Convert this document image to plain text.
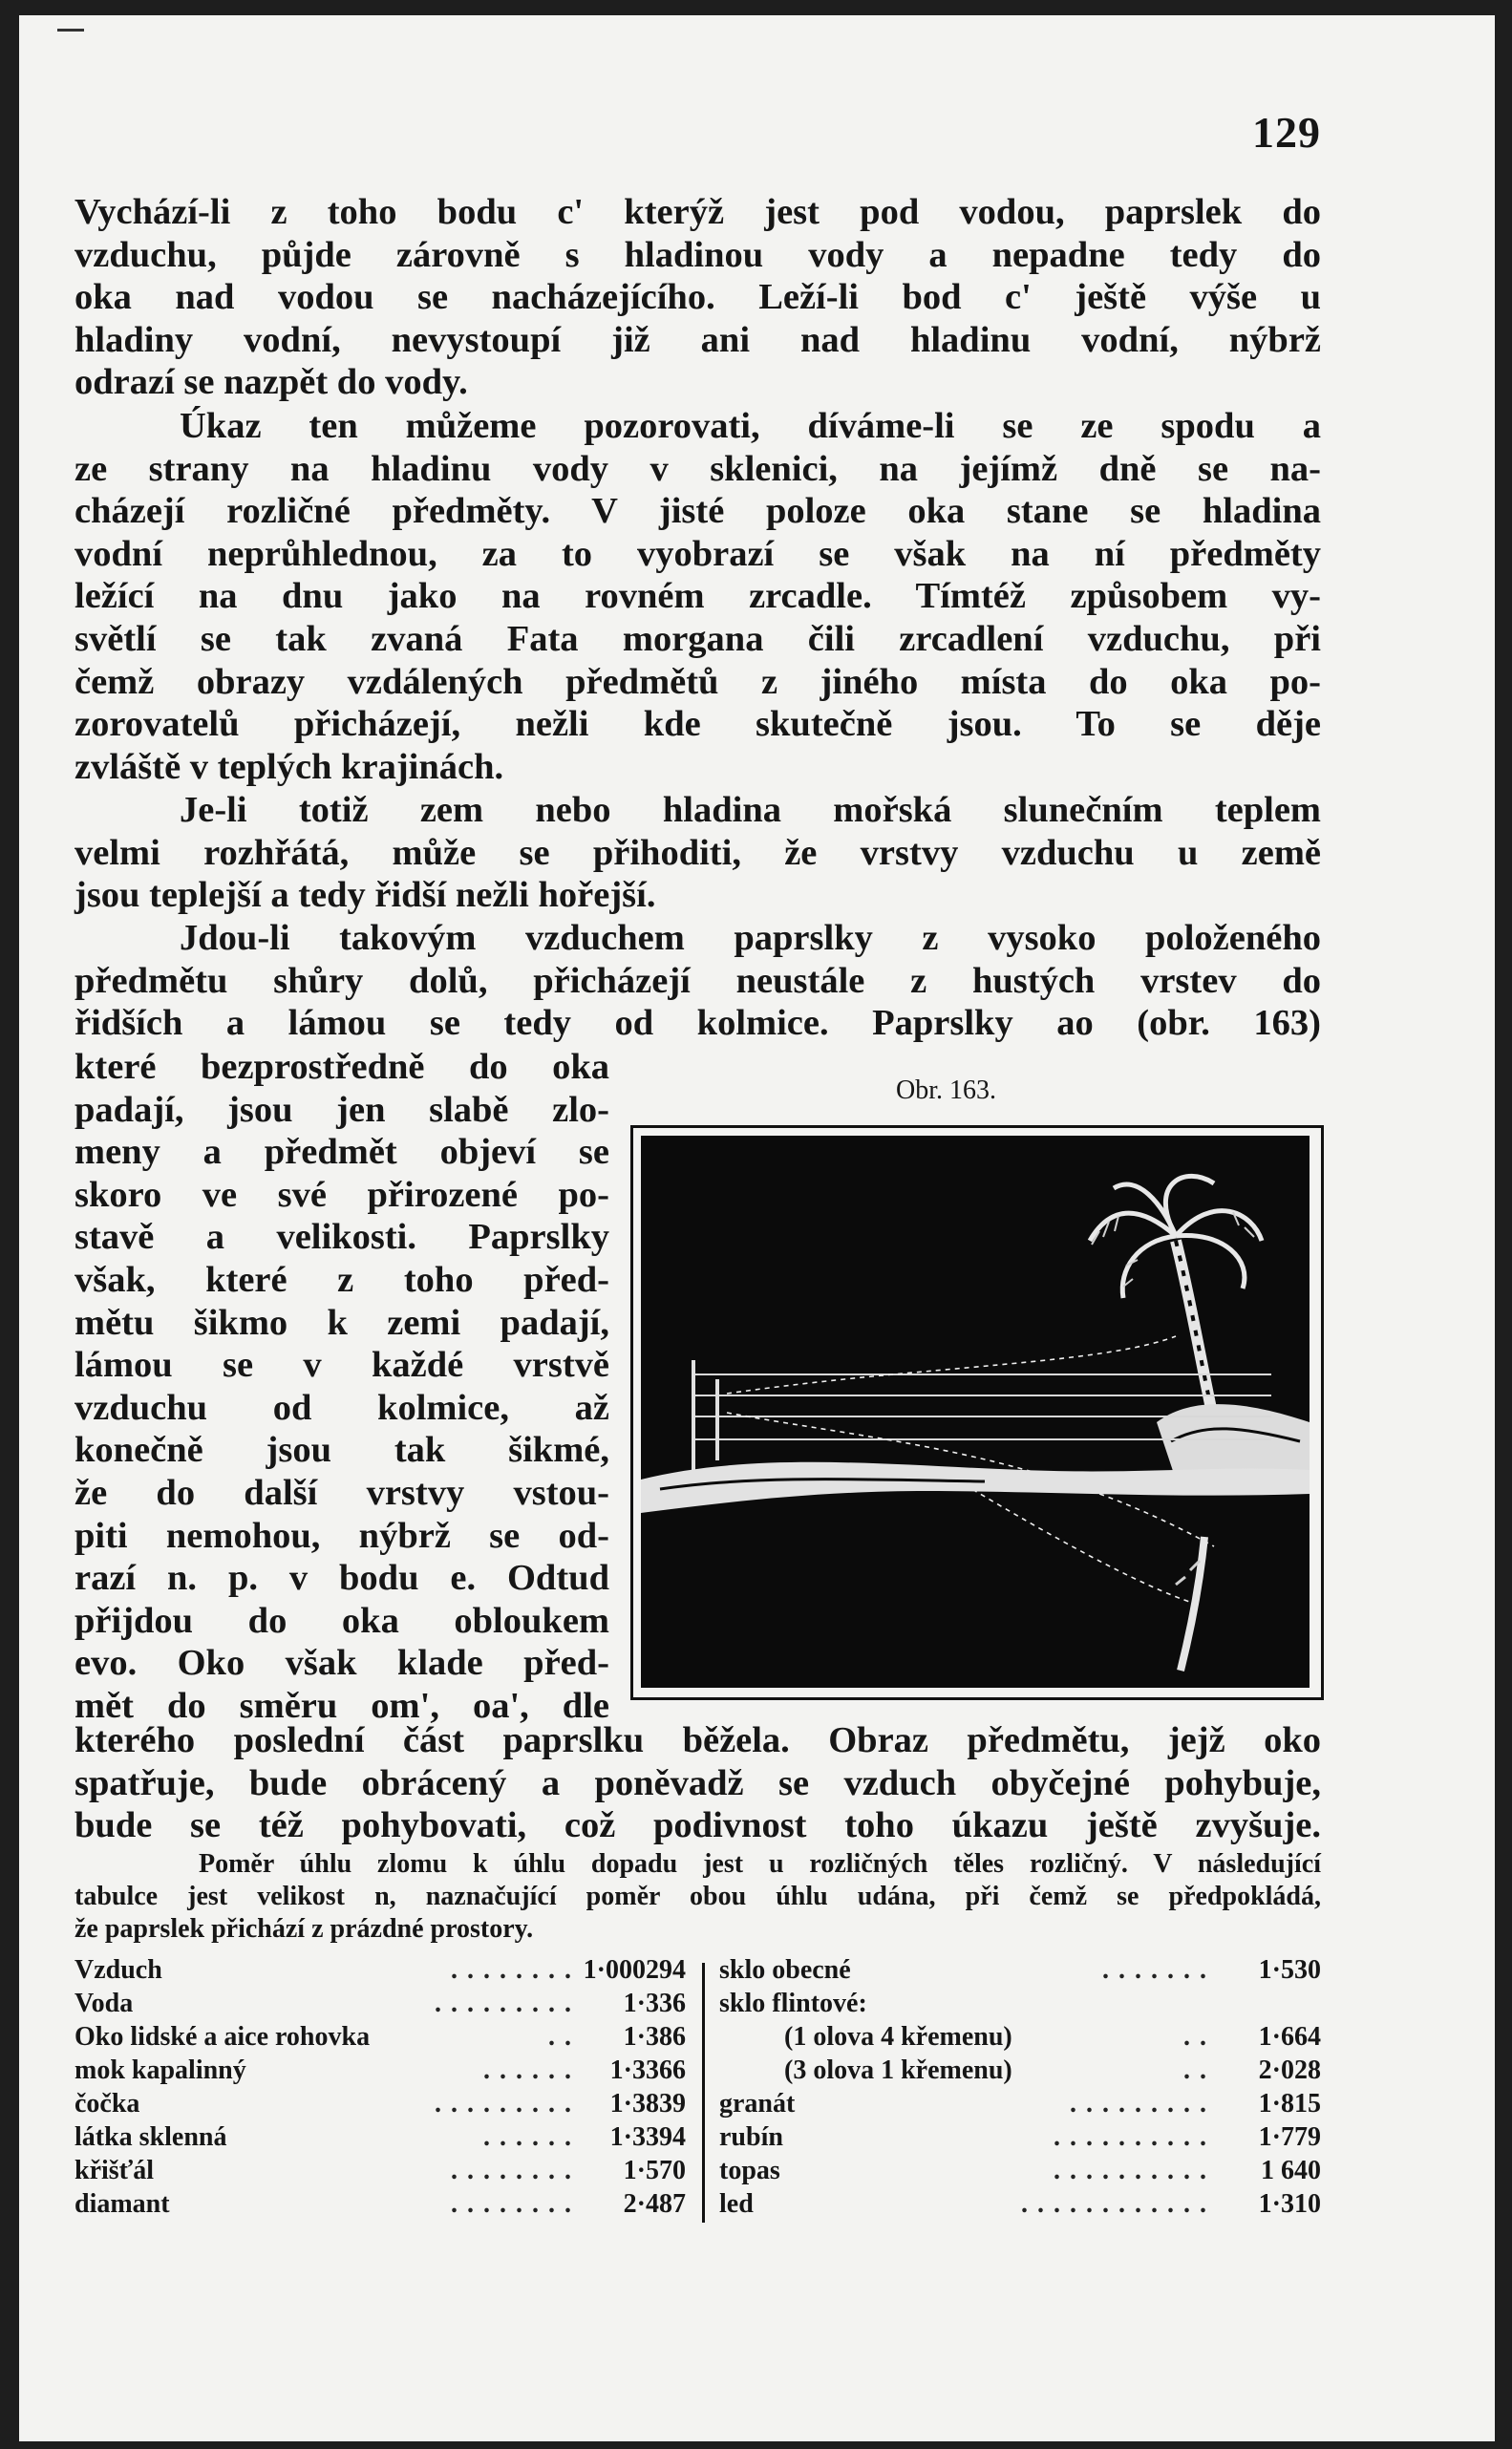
129
Vychází-li z toho bodu c' kterýž jest pod vodou, paprslek do
vzduchu, půjde zárovně s hladinou vody a nepadne tedy do
oka nad vodou se nacházejícího. Leží-li bod c' ještě výše u
hladiny vodní, nevystoupí již ani nad hladinu vodní, nýbrž
odrazí se nazpět do vody.
Úkaz ten můžeme pozorovati, díváme-li se ze spodu a
ze strany na hladinu vody v sklenici, na jejímž dně se na-
cházejí rozličné předměty. V jisté poloze oka stane se hladina
vodní neprůhlednou, za to vyobrazí se však na ní předměty
ležící na dnu jako na rovném zrcadle. Tímtéž způsobem vy-
světlí se tak zvaná Fata morgana čili zrcadlení vzduchu, při
čemž obrazy vzdálených předmětů z jiného místa do oka po-
zorovatelů přicházejí, nežli kde skutečně jsou. To se děje
zvláště v teplých krajinách.
Je-li totiž zem nebo hladina mořská slunečním teplem
velmi rozhřátá, může se přihoditi, že vrstvy vzduchu u země
jsou teplejší a tedy řidší nežli hořejší.
Jdou-li takovým vzduchem paprslky z vysoko položeného
předmětu shůry dolů, přicházejí neustále z hustých vrstev do
řidších a lámou se tedy od kolmice. Paprslky ao (obr. 163)
které bezprostředně do oka
padají, jsou jen slabě zlo-
meny a předmět objeví se
skoro ve své přirozené po-
stavě a velikosti. Paprslky
však, které z toho před-
mětu šikmo k zemi padají,
lámou se v každé vrstvě
vzduchu od kolmice, až
konečně jsou tak šikmé,
že do další vrstvy vstou-
piti nemohou, nýbrž se od-
razí n. p. v bodu e. Odtud
přijdou do oka obloukem
evo. Oko však klade před-
mět do směru om', oa', dle
Obr. 163.
kterého poslední část paprslku běžela. Obraz předmětu, jejž oko
spatřuje, bude obrácený a poněvadž se vzduch obyčejné pohybuje,
bude se též pohybovati, což podivnost toho úkazu ještě zvyšuje.
Poměr úhlu zlomu k úhlu dopadu jest u rozličných těles rozličný. V následující
tabulce jest velikost n, naznačující poměr obou úhlu udána, při čemž se předpokládá,
že paprslek přichází z prázdné prostory.
Vzduch	........ 1·000294
Voda	.........	1·336
Oko lidské a aice rohovka	..	1·386
mok kapalinný	......	1·3366
čočka	.........	1·3839
látka sklenná	......	1·3394
křišťál	........	1·570
diamant	........	2·487
sklo obecné	.......	1·530
sklo flintové:
(1 olova 4 křemenu)	..	1·664
(3 olova 1 křemenu)	..	2·028
granát	.........	1·815
rubín	..........	1·779
topas	..........	1 640
led	............	1·310
